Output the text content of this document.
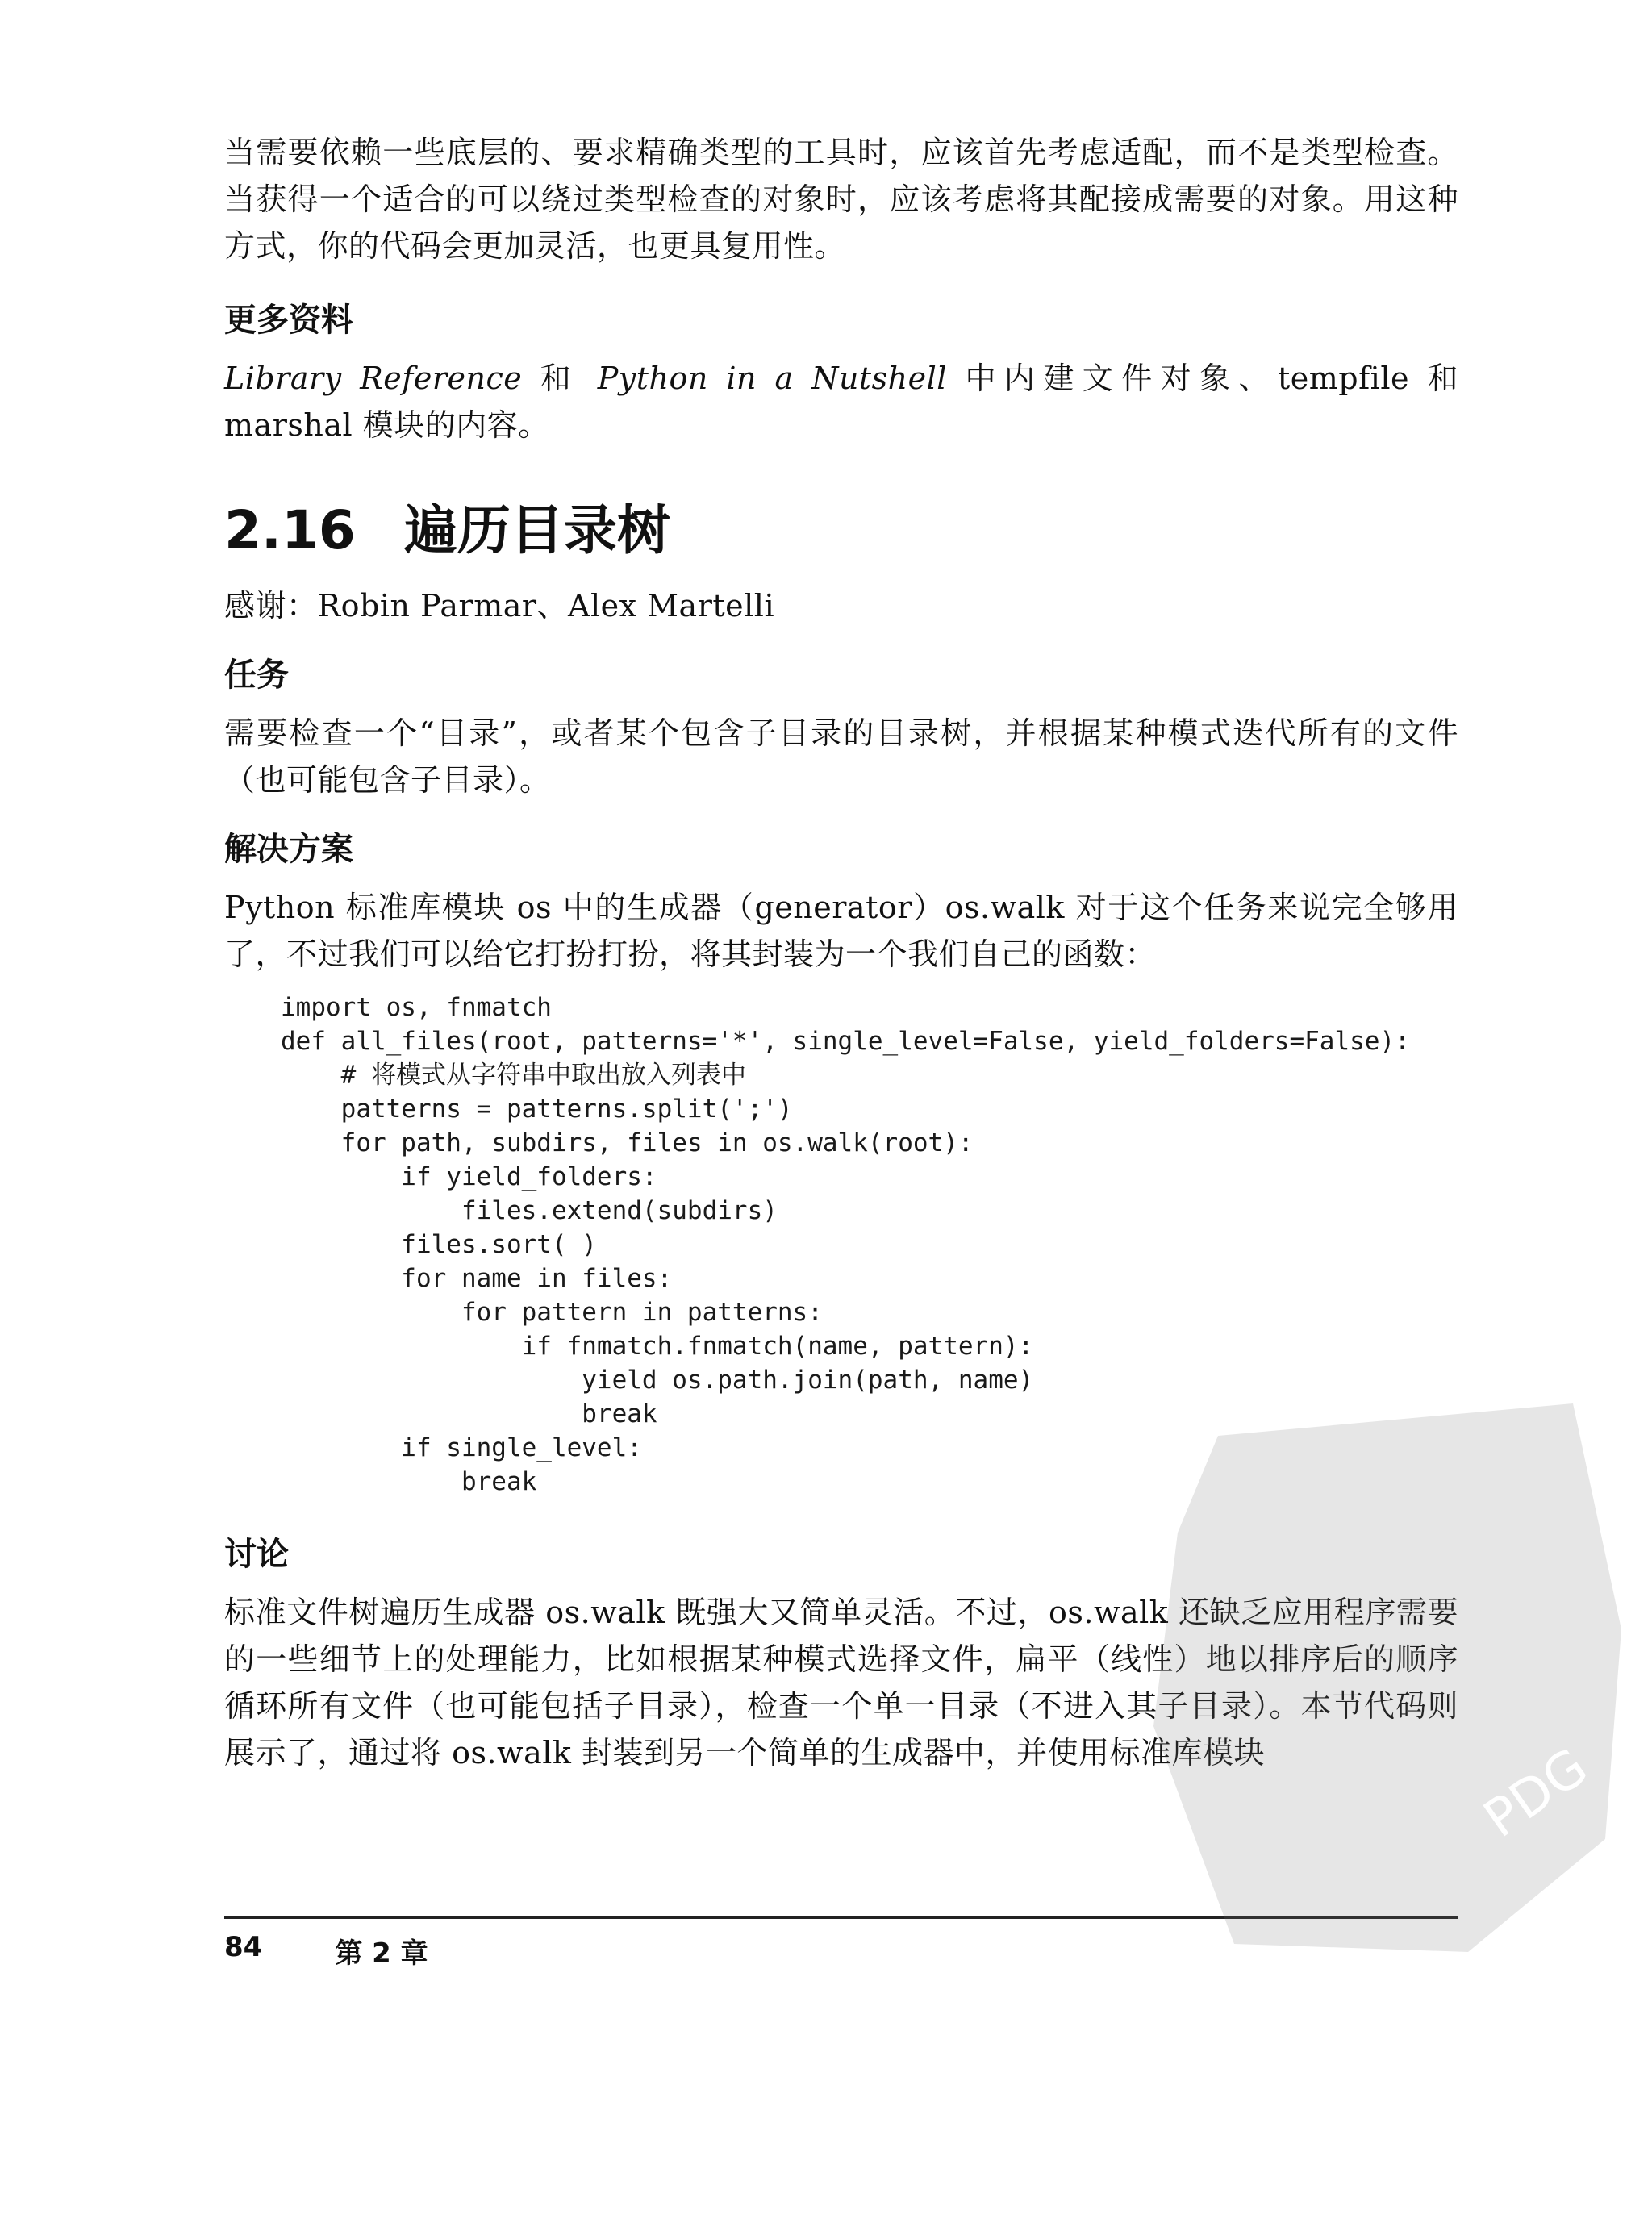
当需要依赖一些底层的、要求精确类型的工具时，应该首先考虑适配，而不是类型检查。当获得一个适合的可以绕过类型检查的对象时，应该考虑将其配接成需要的对象。用这种方式，你的代码会更加灵活，也更具复用性。

更多资料

Library Reference 和 Python in a Nutshell 中内建文件对象、tempfile 和 marshal 模块的内容。

2.16 遍历目录树

感谢：Robin Parmar、Alex Martelli

任务

需要检查一个“目录”，或者某个包含子目录的目录树，并根据某种模式迭代所有的文件（也可能包含子目录）。

解决方案

Python 标准库模块 os 中的生成器（generator）os.walk 对于这个任务来说完全够用了，不过我们可以给它打扮打扮，将其封装为一个我们自己的函数：

import os, fnmatch
def all_files(root, patterns='*', single_level=False, yield_folders=False):
# 将模式从字符串中取出放入列表中
patterns = patterns.split(';')
for path, subdirs, files in os.walk(root):
if yield_folders:
files.extend(subdirs)
files.sort( )
for name in files:
for pattern in patterns:
if fnmatch.fnmatch(name, pattern):
yield os.path.join(path, name)
break
if single_level:
break
讨论

标准文件树遍历生成器 os.walk 既强大又简单灵活。不过，os.walk 还缺乏应用程序需要的一些细节上的处理能力，比如根据某种模式选择文件，扁平（线性）地以排序后的顺序循环所有文件（也可能包括子目录），检查一个单一目录（不进入其子目录）。本节代码则展示了，通过将 os.walk 封装到另一个简单的生成器中，并使用标准库模块

84	第 2 章
PDG
